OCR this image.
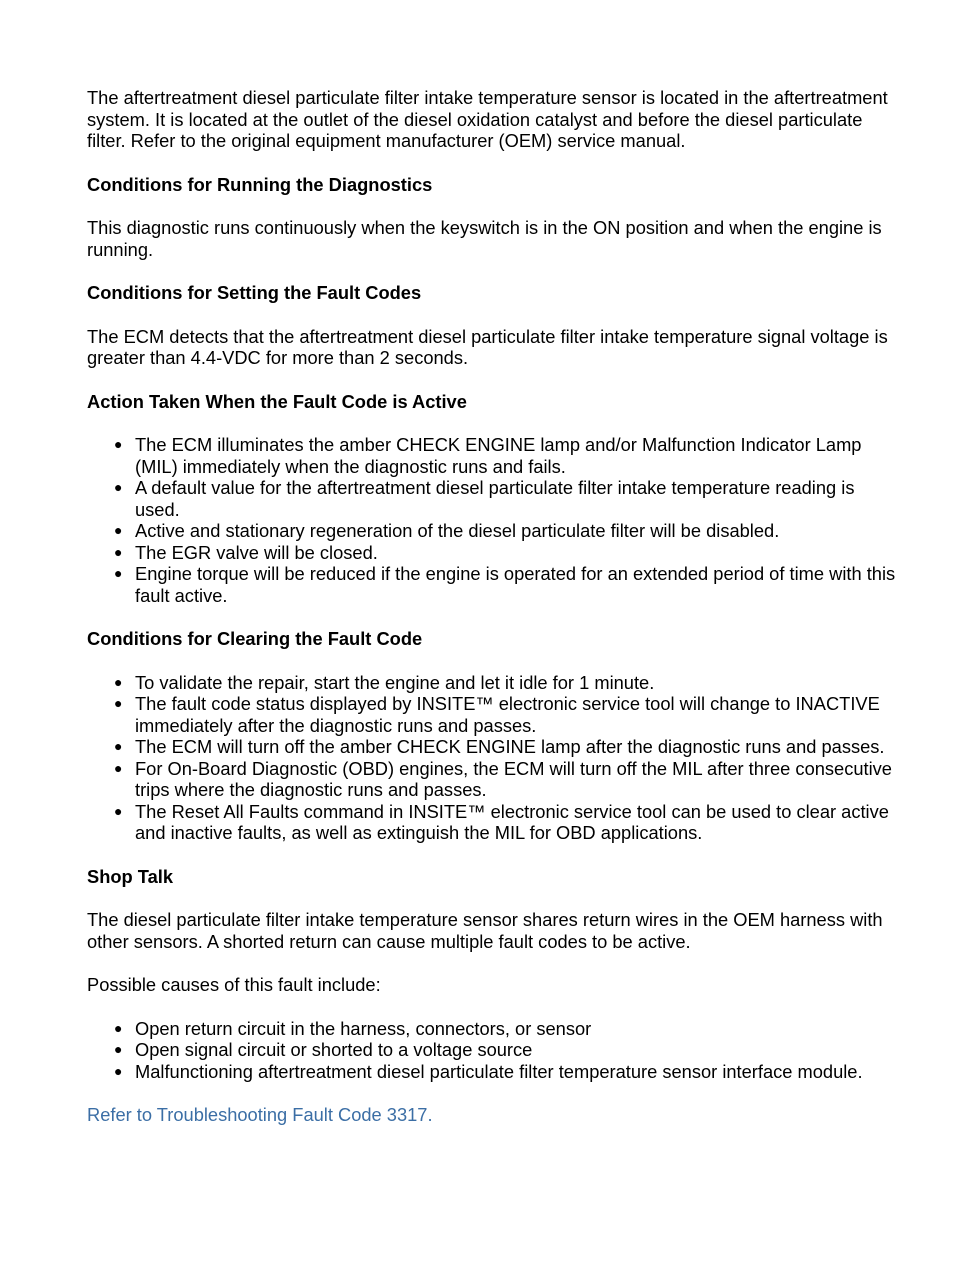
The aftertreatment diesel particulate filter intake temperature sensor is located in the aftertreatment system. It is located at the outlet of the diesel oxidation catalyst and before the diesel particulate filter. Refer to the original equipment manufacturer (OEM) service manual.

Conditions for Running the Diagnostics

This diagnostic runs continuously when the keyswitch is in the ON position and when the engine is running.

Conditions for Setting the Fault Codes

The ECM detects that the aftertreatment diesel particulate filter intake temperature signal voltage is greater than 4.4-VDC for more than 2 seconds.

Action Taken When the Fault Code is Active

● The ECM illuminates the amber CHECK ENGINE lamp and/or Malfunction Indicator Lamp (MIL) immediately when the diagnostic runs and fails.
● A default value for the aftertreatment diesel particulate filter intake temperature reading is used.
● Active and stationary regeneration of the diesel particulate filter will be disabled.
● The EGR valve will be closed.
● Engine torque will be reduced if the engine is operated for an extended period of time with this fault active.

Conditions for Clearing the Fault Code

● To validate the repair, start the engine and let it idle for 1 minute.
● The fault code status displayed by INSITE™ electronic service tool will change to INACTIVE immediately after the diagnostic runs and passes.
● The ECM will turn off the amber CHECK ENGINE lamp after the diagnostic runs and passes.
● For On-Board Diagnostic (OBD) engines, the ECM will turn off the MIL after three consecutive trips where the diagnostic runs and passes.
● The Reset All Faults command in INSITE™ electronic service tool can be used to clear active and inactive faults, as well as extinguish the MIL for OBD applications.

Shop Talk

The diesel particulate filter intake temperature sensor shares return wires in the OEM harness with other sensors. A shorted return can cause multiple fault codes to be active.

Possible causes of this fault include:

● Open return circuit in the harness, connectors, or sensor
● Open signal circuit or shorted to a voltage source
● Malfunctioning aftertreatment diesel particulate filter temperature sensor interface module.

Refer to Troubleshooting Fault Code 3317.
